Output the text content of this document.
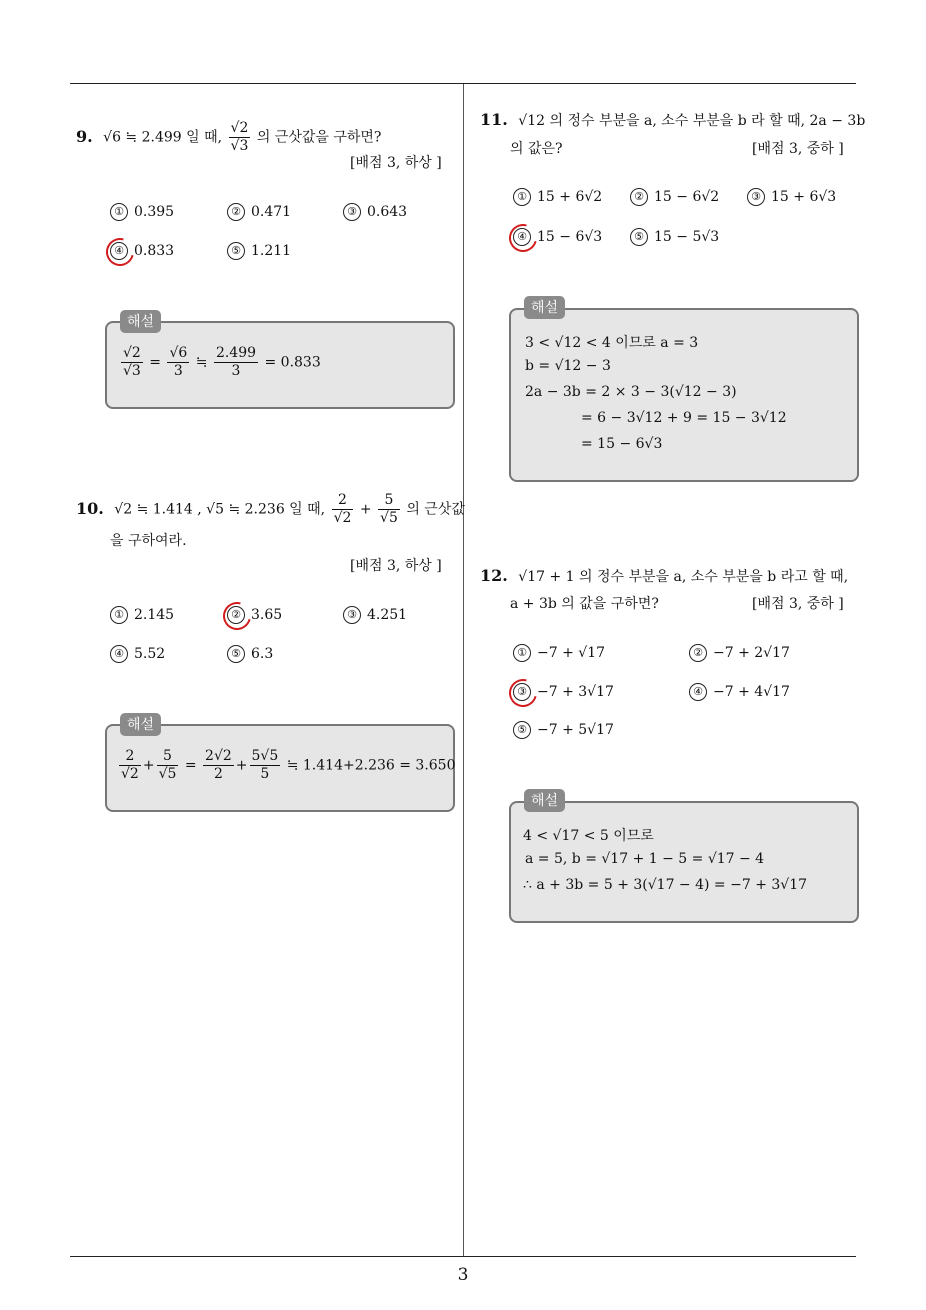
3
9. √6 ≒ 2.499 일 때, $\frac{√2}{√3}$ 의 근삿값을 구하면?
[배점 3, 하상 ]
① 0.395	② 0.471	③ 0.643
④ 0.833	⑤ 1.211
$\frac{√2}{√3} = \frac{√6}{3}$ ≒ $\frac{2.499}{3} = 0.833$
해설
10. √2 ≒ 1.414 , √5 ≒ 2.236 일 때, $\frac{2}{√2} + \frac{5}{√5}$ 의 근삿값
을 구하여라.
[배점 3, 하상 ]
① 2.145	② 3.65	③ 4.251
④ 5.52	⑤ 6.3
$\frac{2}{√2} + \frac{5}{√5} = \frac{2√2}{2} + \frac{5√5}{5}$ ≒ 1.414+2.236 = 3.650
해설
11. √12 의 정수 부분을 a, 소수 부분을 b 라 할 때, 2a − 3b
의 값은?	[배점 3, 중하 ]
① 15 + 6√2	② 15 − 6√2	③ 15 + 6√3
④ 15 − 6√3	⑤ 15 − 5√3
3 < √12 < 4 이므로 a = 3
b = √12 − 3
2a − 3b = 2 × 3 − 3(√12 − 3)
= 6 − 3√12 + 9 = 15 − 3√12
= 15 − 6√3
해설
12. √17 + 1 의 정수 부분을 a, 소수 부분을 b 라고 할 때,
a + 3b 의 값을 구하면?	[배점 3, 중하 ]
① −7 + √17	② −7 + 2√17
③ −7 + 3√17	④ −7 + 4√17
⑤ −7 + 5√17
4 < √17 < 5 이므로
a = 5, b = √17 + 1 − 5 = √17 − 4
∴ a + 3b = 5 + 3(√17 − 4) = −7 + 3√17
해설
